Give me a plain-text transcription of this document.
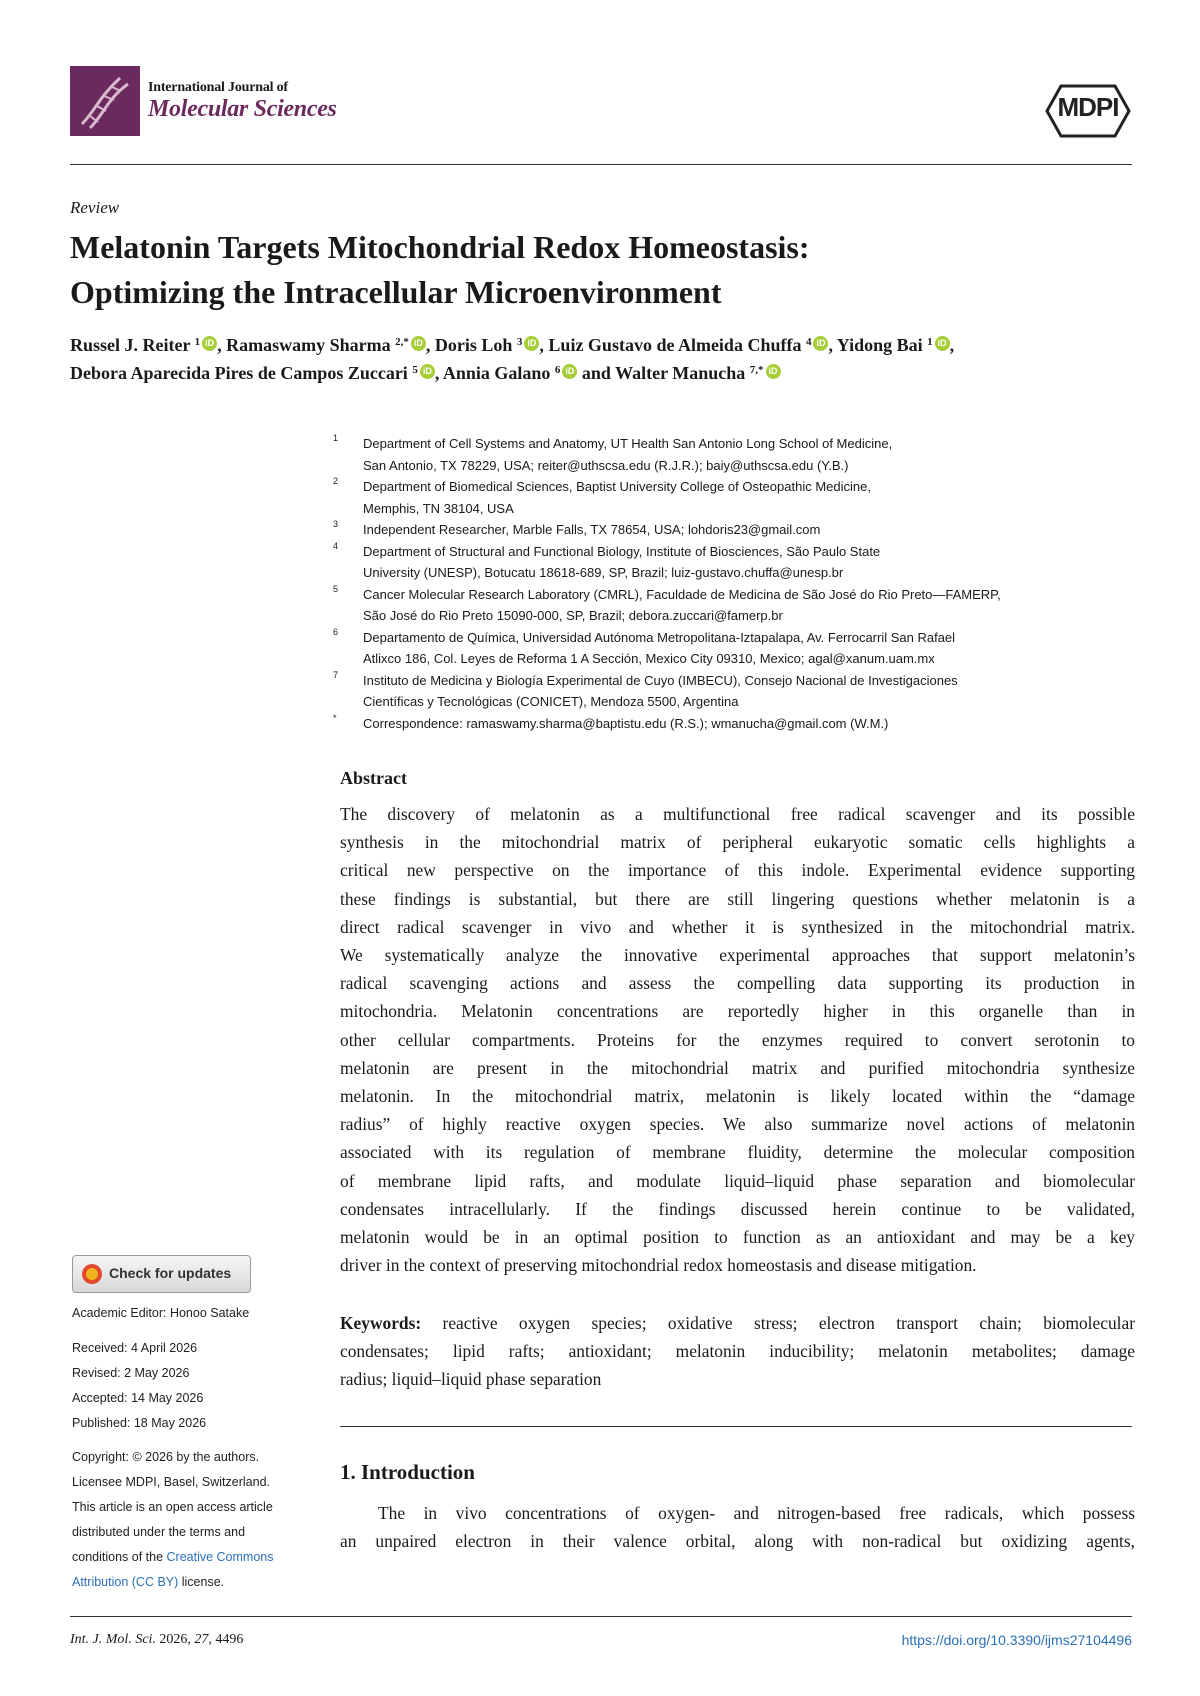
International Journal of
Molecular Sciences	MDPI
Review
Melatonin Targets Mitochondrial Redox Homeostasis:
Optimizing the Intracellular Microenvironment
Russel J. Reiter $^1$ iD , Ramaswamy Sharma $^{2,*}$ iD , Doris Loh $^3$ iD , Luiz Gustavo de Almeida Chuffa $^4$ iD , Yidong Bai $^1$ iD ,
Debora Aparecida Pires de Campos Zuccari $^5$ iD , Annia Galano $^6$ iD and Walter Manucha $^{7,*}$ iD
1 Department of Cell Systems and Anatomy, UT Health San Antonio Long School of Medicine,
San Antonio, TX 78229, USA; reiter@uthscsa.edu (R.J.R.); baiy@uthscsa.edu (Y.B.)
2 Department of Biomedical Sciences, Baptist University College of Osteopathic Medicine,
Memphis, TN 38104, USA
3 Independent Researcher, Marble Falls, TX 78654, USA; lohdoris23@gmail.com
4 Department of Structural and Functional Biology, Institute of Biosciences, São Paulo State
University (UNESP), Botucatu 18618-689, SP, Brazil; luiz-gustavo.chuffa@unesp.br
5 Cancer Molecular Research Laboratory (CMRL), Faculdade de Medicina de São José do Rio Preto—FAMERP,
São José do Rio Preto 15090-000, SP, Brazil; debora.zuccari@famerp.br
6 Departamento de Química, Universidad Autónoma Metropolitana-Iztapalapa, Av. Ferrocarril San Rafael
Atlixco 186, Col. Leyes de Reforma 1 A Sección, Mexico City 09310, Mexico; agal@xanum.uam.mx
7 Instituto de Medicina y Biología Experimental de Cuyo (IMBECU), Consejo Nacional de Investigaciones
Científicas y Tecnológicas (CONICET), Mendoza 5500, Argentina
* Correspondence: ramaswamy.sharma@baptistu.edu (R.S.); wmanucha@gmail.com (W.M.)
Abstract
The discovery of melatonin as a multifunctional free radical scavenger and its possible
synthesis in the mitochondrial matrix of peripheral eukaryotic somatic cells highlights a
critical new perspective on the importance of this indole. Experimental evidence supporting
these findings is substantial, but there are still lingering questions whether melatonin is a
direct radical scavenger in vivo and whether it is synthesized in the mitochondrial matrix.
We systematically analyze the innovative experimental approaches that support melatonin’s
radical scavenging actions and assess the compelling data supporting its production in
mitochondria. Melatonin concentrations are reportedly higher in this organelle than in
other cellular compartments. Proteins for the enzymes required to convert serotonin to
melatonin are present in the mitochondrial matrix and purified mitochondria synthesize
melatonin. In the mitochondrial matrix, melatonin is likely located within the “damage
radius” of highly reactive oxygen species. We also summarize novel actions of melatonin
associated with its regulation of membrane fluidity, determine the molecular composition
of membrane lipid rafts, and modulate liquid–liquid phase separation and biomolecular
condensates intracellularly. If the findings discussed herein continue to be validated,
melatonin would be in an optimal position to function as an antioxidant and may be a key
driver in the context of preserving mitochondrial redox homeostasis and disease mitigation.
Keywords: reactive oxygen species; oxidative stress; electron transport chain; biomolecular
condensates; lipid rafts; antioxidant; melatonin inducibility; melatonin metabolites; damage
radius; liquid–liquid phase separation
1. Introduction
The in vivo concentrations of oxygen- and nitrogen-based free radicals, which possess
an unpaired electron in their valence orbital, along with non-radical but oxidizing agents,
Check for updates
Academic Editor: Honoo Satake
Received: 4 April 2026
Revised: 2 May 2026
Accepted: 14 May 2026
Published: 18 May 2026
Copyright: © 2026 by the authors.
Licensee MDPI, Basel, Switzerland.
This article is an open access article
distributed under the terms and
conditions of the Creative Commons
Attribution (CC BY) license.
Int. J. Mol. Sci. 2026, 27, 4496	https://doi.org/10.3390/ijms27104496
